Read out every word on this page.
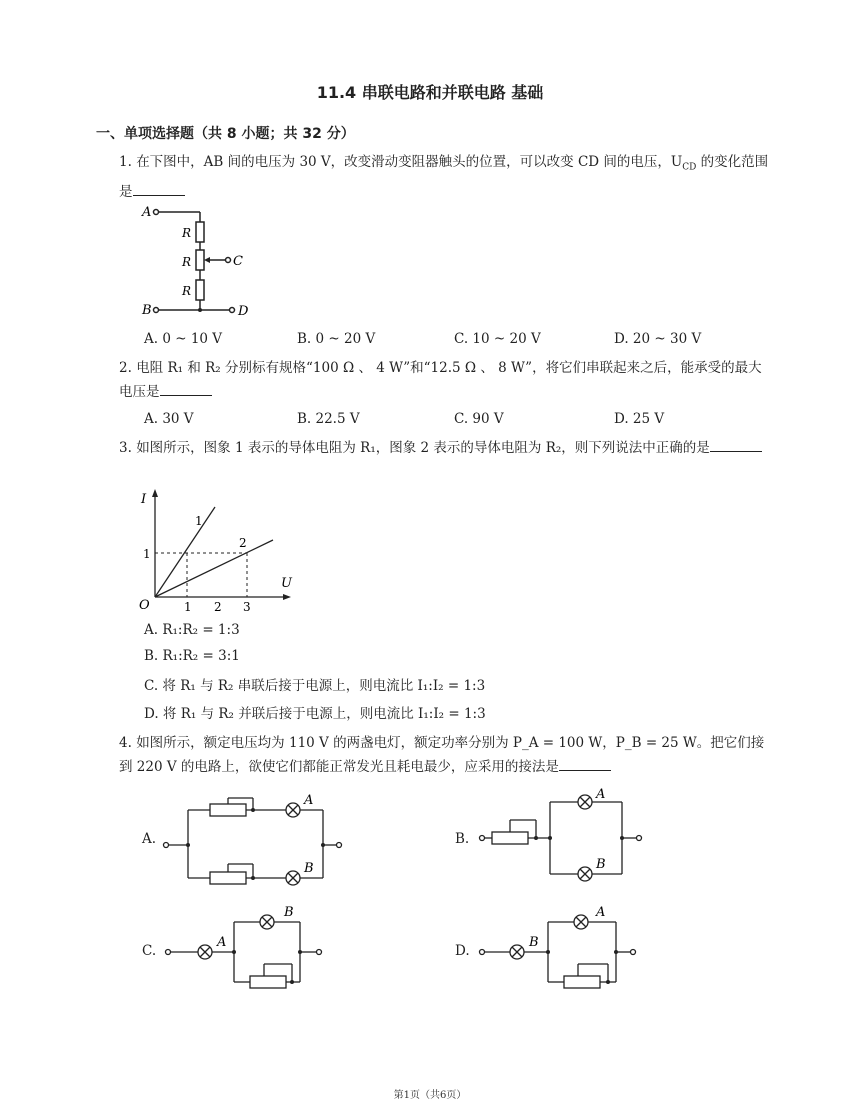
11.4 串联电路和并联电路 基础
一、单项选择题（共 8 小题；共 32 分）
1. 在下图中，AB 间的电压为 30 V，改变滑动变阻器触头的位置，可以改变 CD 间的电压，$U_{CD}$ 的变化范围是
A
B
C
D
R
R
R
A. 0 ~ 10 V	B. 0 ~ 20 V	C. 10 ~ 20 V	D. 20 ~ 30 V
2. 电阻 R₁ 和 R₂ 分别标有规格“100 Ω 、 4 W”和“12.5 Ω 、 8 W”，将它们串联起来之后，能承受的最大电压是
A. 30 V	B. 22.5 V	C. 90 V	D. 25 V
3. 如图所示，图象 1 表示的导体电阻为 R₁，图象 2 表示的导体电阻为 R₂，则下列说法中正确的是
I
U
O
1
1 2 3
1
2
A. R₁:R₂ = 1:3
B. R₁:R₂ = 3:1
C. 将 R₁ 与 R₂ 串联后接于电源上，则电流比 I₁:I₂ = 1:3
D. 将 R₁ 与 R₂ 并联后接于电源上，则电流比 I₁:I₂ = 1:3
4. 如图所示，额定电压均为 110 V 的两盏电灯，额定功率分别为 P_A = 100 W，P_B = 25 W。把它们接到 220 V 的电路上，欲使它们都能正常发光且耗电最少，应采用的接法是
A.
A
B
B.
A
B
C.
A
B
D.
B
A
第1页（共6页）
